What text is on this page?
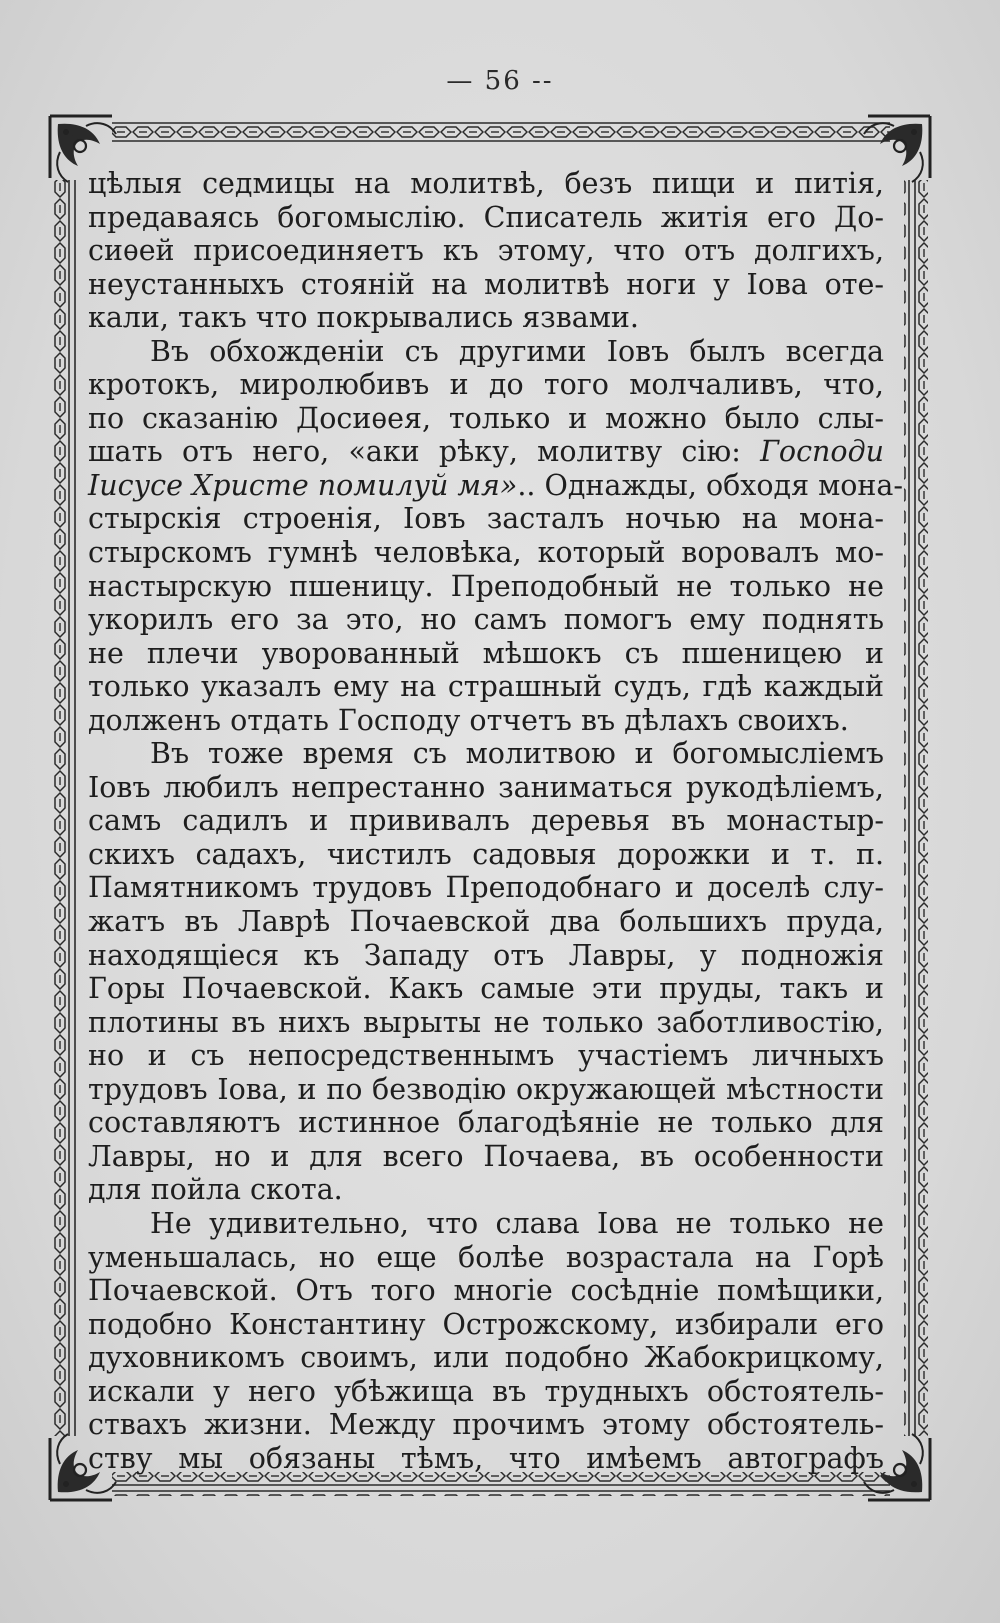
— 56 --
цѣлыя седмицы на молитвѣ, безъ пищи и питія,
предаваясь богомыслію. Списатель житія его До-
сиѳей присоединяетъ къ этому, что отъ долгихъ,
неустанныхъ стояній на молитвѣ ноги у Іова оте-
кали, такъ что покрывались язвами.
Въ обхожденіи съ другими Іовъ былъ всегда
кротокъ, миролюбивъ и до того молчаливъ, что,
по сказанію Досиѳея, только и можно было слы-
шать отъ него, «аки рѣку, молитву сію: Господи
Іисусе Христе помилуй мя».. Однажды, обходя мона-
стырскія строенія, Іовъ засталъ ночью на мона-
стырскомъ гумнѣ человѣка, который воровалъ мо-
настырскую пшеницу. Преподобный не только не
укорилъ его за это, но самъ помогъ ему поднять
не плечи уворованный мѣшокъ съ пшеницею и
только указалъ ему на страшный судъ, гдѣ каждый
долженъ отдать Господу отчетъ въ дѣлахъ своихъ.
Въ тоже время съ молитвою и богомысліемъ
Іовъ любилъ непрестанно заниматься рукодѣліемъ,
самъ садилъ и прививалъ деревья въ монастыр-
скихъ садахъ, чистилъ садовыя дорожки и т. п.
Памятникомъ трудовъ Преподобнаго и доселѣ слу-
жатъ въ Лаврѣ Почаевской два большихъ пруда,
находящіеся къ Западу отъ Лавры, у подножія
Горы Почаевской. Какъ самые эти пруды, такъ и
плотины въ нихъ вырыты не только заботливостію,
но и съ непосредственнымъ участіемъ личныхъ
трудовъ Іова, и по безводію окружающей мѣстности
составляютъ истинное благодѣяніе не только для
Лавры, но и для всего Почаева, въ особенности
для пойла скота.
Не удивительно, что слава Іова не только не
уменьшалась, но еще болѣе возрастала на Горѣ
Почаевской. Отъ того многіе сосѣдніе помѣщики,
подобно Константину Острожскому, избирали его
духовникомъ своимъ, или подобно Жабокрицкому,
искали у него убѣжища въ трудныхъ обстоятель-
ствахъ жизни. Между прочимъ этому обстоятель-
ству мы обязаны тѣмъ, что имѣемъ автографъ
